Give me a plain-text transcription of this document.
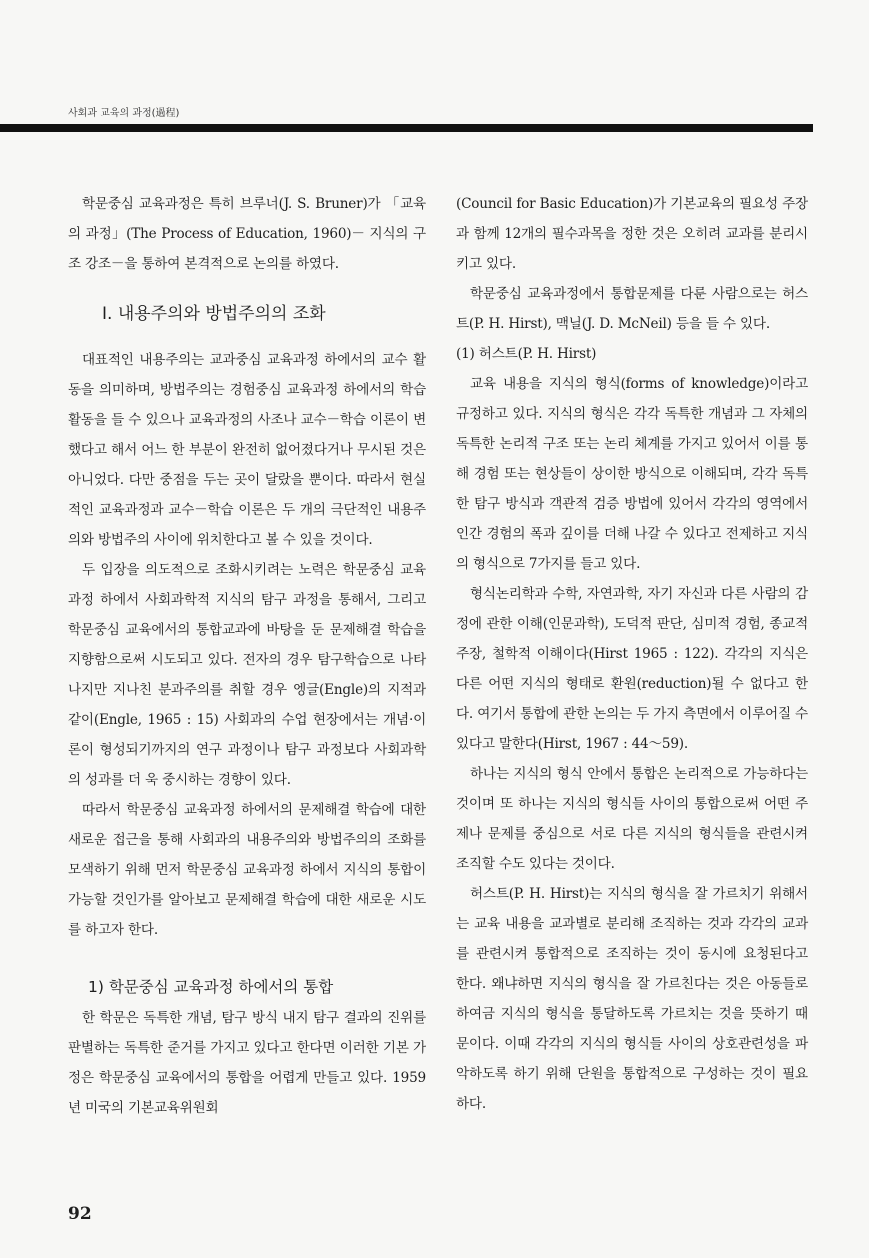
사회과 교육의 과정(過程)

학문중심 교육과정은 특히 브루너(J. S. Bruner)가 「교육의 과정」(The Process of Education, 1960)－ 지식의 구조 강조－을 통하여 본격적으로 논의를 하였다.

Ⅰ. 내용주의와 방법주의의 조화

대표적인 내용주의는 교과중심 교육과정 하에서의 교수 활동을 의미하며, 방법주의는 경험중심 교육과정 하에서의 학습 활동을 들 수 있으나 교육과정의 사조나 교수－학습 이론이 변했다고 해서 어느 한 부분이 완전히 없어졌다거나 무시된 것은 아니었다. 다만 중점을 두는 곳이 달랐을 뿐이다. 따라서 현실적인 교육과정과 교수－학습 이론은 두 개의 극단적인 내용주의와 방법주의 사이에 위치한다고 볼 수 있을 것이다.

두 입장을 의도적으로 조화시키려는 노력은 학문중심 교육과정 하에서 사회과학적 지식의 탐구 과정을 통해서, 그리고 학문중심 교육에서의 통합교과에 바탕을 둔 문제해결 학습을 지향함으로써 시도되고 있다. 전자의 경우 탐구학습으로 나타나지만 지나친 분과주의를 취할 경우 엥글(Engle)의 지적과 같이(Engle, 1965 : 15) 사회과의 수업 현장에서는 개념·이론이 형성되기까지의 연구 과정이나 탐구 과정보다 사회과학의 성과를 더 욱 중시하는 경향이 있다.

따라서 학문중심 교육과정 하에서의 문제해결 학습에 대한 새로운 접근을 통해 사회과의 내용주의와 방법주의의 조화를 모색하기 위해 먼저 학문중심 교육과정 하에서 지식의 통합이 가능할 것인가를 알아보고 문제해결 학습에 대한 새로운 시도를 하고자 한다.

1) 학문중심 교육과정 하에서의 통합

한 학문은 독특한 개념, 탐구 방식 내지 탐구 결과의 진위를 판별하는 독특한 준거를 가지고 있다고 한다면 이러한 기본 가정은 학문중심 교육에서의 통합을 어렵게 만들고 있다. 1959년 미국의 기본교육위원회

(Council for Basic Education)가 기본교육의 필요성 주장과 함께 12개의 필수과목을 정한 것은 오히려 교과를 분리시키고 있다.

학문중심 교육과정에서 통합문제를 다룬 사람으로는 허스트(P. H. Hirst), 맥닐(J. D. McNeil) 등을 들 수 있다.

(1) 허스트(P. H. Hirst)

교육 내용을 지식의 형식(forms of knowledge)이라고 규정하고 있다. 지식의 형식은 각각 독특한 개념과 그 자체의 독특한 논리적 구조 또는 논리 체계를 가지고 있어서 이를 통해 경험 또는 현상들이 상이한 방식으로 이해되며, 각각 독특한 탐구 방식과 객관적 검증 방법에 있어서 각각의 영역에서 인간 경험의 폭과 깊이를 더해 나갈 수 있다고 전제하고 지식의 형식으로 7가지를 들고 있다.

형식논리학과 수학, 자연과학, 자기 자신과 다른 사람의 감정에 관한 이해(인문과학), 도덕적 판단, 심미적 경험, 종교적 주장, 철학적 이해이다(Hirst 1965 : 122). 각각의 지식은 다른 어떤 지식의 형태로 환원(reduction)될 수 없다고 한다. 여기서 통합에 관한 논의는 두 가지 측면에서 이루어질 수 있다고 말한다(Hirst, 1967 : 44～59).

하나는 지식의 형식 안에서 통합은 논리적으로 가능하다는 것이며 또 하나는 지식의 형식들 사이의 통합으로써 어떤 주제나 문제를 중심으로 서로 다른 지식의 형식들을 관련시켜 조직할 수도 있다는 것이다.

허스트(P. H. Hirst)는 지식의 형식을 잘 가르치기 위해서는 교육 내용을 교과별로 분리해 조직하는 것과 각각의 교과를 관련시켜 통합적으로 조직하는 것이 동시에 요청된다고 한다. 왜냐하면 지식의 형식을 잘 가르친다는 것은 아동들로 하여금 지식의 형식을 통달하도록 가르치는 것을 뜻하기 때문이다. 이때 각각의 지식의 형식들 사이의 상호관련성을 파악하도록 하기 위해 단원을 통합적으로 구성하는 것이 필요하다.

92
